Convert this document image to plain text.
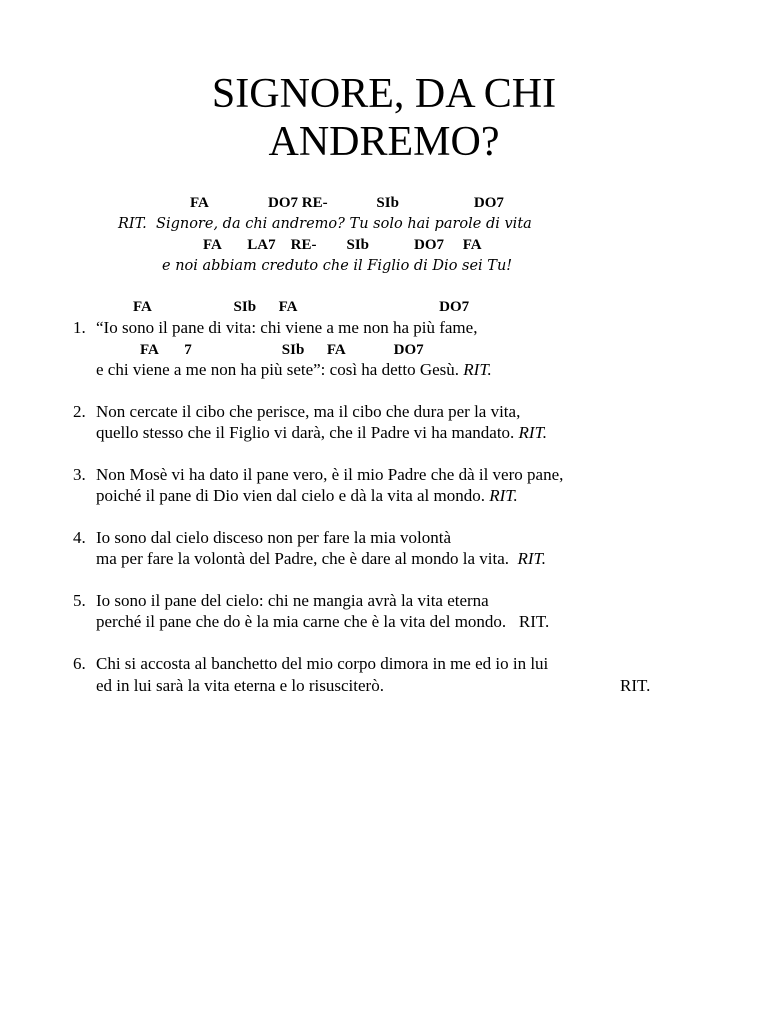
SIGNORE, DA CHI
ANDREMO?
FA                DO7 RE-             SIb                    DO7
RIT.  Signore, da chi andremo? Tu solo hai parole di vita
FA       LA7    RE-        SIb            DO7     FA
e noi abbiam creduto che il Figlio di Dio sei Tu!
FA                      SIb      FA                                      DO7
1. “Io sono il pane di vita: chi viene a me non ha più fame,
FA       7                        SIb      FA             DO7
e chi viene a me non ha più sete”: così ha detto Gesù. RIT.
2. Non cercate il cibo che perisce, ma il cibo che dura per la vita,
quello stesso che il Figlio vi darà, che il Padre vi ha mandato. RIT.
3. Non Mosè vi ha dato il pane vero, è il mio Padre che dà il vero pane,
poiché il pane di Dio vien dal cielo e dà la vita al mondo. RIT.
4. Io sono dal cielo disceso non per fare la mia volontà
ma per fare la volontà del Padre, che è dare al mondo la vita. RIT.
5. Io sono il pane del cielo: chi ne mangia avrà la vita eterna
perché il pane che do è la mia carne che è la vita del mondo. RIT.
6. Chi si accosta al banchetto del mio corpo dimora in me ed io in lui
ed in lui sarà la vita eterna e lo risusciterò.	RIT.
